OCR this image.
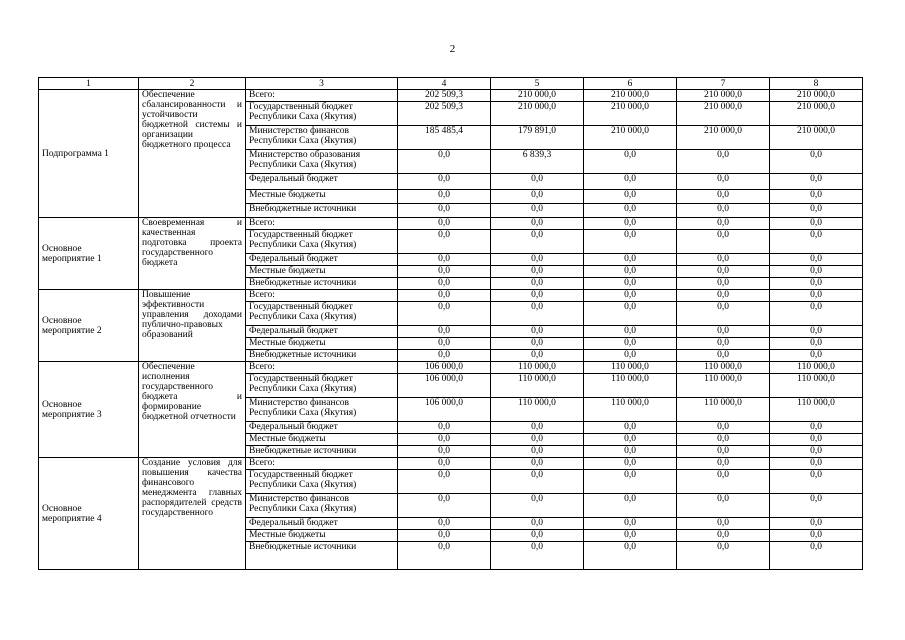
2
1	2	3	4	5	6	7	8
Подпрограмма 1	Обеспечение сбалансированности и устойчивости бюджетной системы и организации бюджетного процесса	Всего:	202 509,3	210 000,0	210 000,0	210 000,0	210 000,0
		Государственный бюджет Республики Саха (Якутия)	202 509,3	210 000,0	210 000,0	210 000,0	210 000,0
		Министерство финансов Республики Саха (Якутия)	185 485,4	179 891,0	210 000,0	210 000,0	210 000,0
		Министерство образования Республики Саха (Якутия)	0,0	6 839,3	0,0	0,0	0,0
		Федеральный бюджет	0,0	0,0	0,0	0,0	0,0
		Местные бюджеты	0,0	0,0	0,0	0,0	0,0
		Внебюджетные источники	0,0	0,0	0,0	0,0	0,0
Основное мероприятие 1	Своевременная и качественная подготовка проекта государственного бюджета	Всего:	0,0	0,0	0,0	0,0	0,0
		Государственный бюджет Республики Саха (Якутия)	0,0	0,0	0,0	0,0	0,0
		Федеральный бюджет	0,0	0,0	0,0	0,0	0,0
		Местные бюджеты	0,0	0,0	0,0	0,0	0,0
		Внебюджетные источники	0,0	0,0	0,0	0,0	0,0
Основное мероприятие 2	Повышение эффективности управления доходами публично-правовых образований	Всего:	0,0	0,0	0,0	0,0	0,0
		Государственный бюджет Республики Саха (Якутия)	0,0	0,0	0,0	0,0	0,0
		Федеральный бюджет	0,0	0,0	0,0	0,0	0,0
		Местные бюджеты	0,0	0,0	0,0	0,0	0,0
		Внебюджетные источники	0,0	0,0	0,0	0,0	0,0
Основное мероприятие 3	Обеспечение исполнения государственного бюджета и формирование бюджетной отчетности	Всего:	106 000,0	110 000,0	110 000,0	110 000,0	110 000,0
		Государственный бюджет Республики Саха (Якутия)	106 000,0	110 000,0	110 000,0	110 000,0	110 000,0
		Министерство финансов Республики Саха (Якутия)	106 000,0	110 000,0	110 000,0	110 000,0	110 000,0
		Федеральный бюджет	0,0	0,0	0,0	0,0	0,0
		Местные бюджеты	0,0	0,0	0,0	0,0	0,0
		Внебюджетные источники	0,0	0,0	0,0	0,0	0,0
Основное мероприятие 4	Создание условия для повышения качества финансового менеджмента главных распорядителей средств государственного	Всего:	0,0	0,0	0,0	0,0	0,0
		Государственный бюджет Республики Саха (Якутия)	0,0	0,0	0,0	0,0	0,0
		Министерство финансов Республики Саха (Якутия)	0,0	0,0	0,0	0,0	0,0
		Федеральный бюджет	0,0	0,0	0,0	0,0	0,0
		Местные бюджеты	0,0	0,0	0,0	0,0	0,0
		Внебюджетные источники	0,0	0,0	0,0	0,0	0,0
